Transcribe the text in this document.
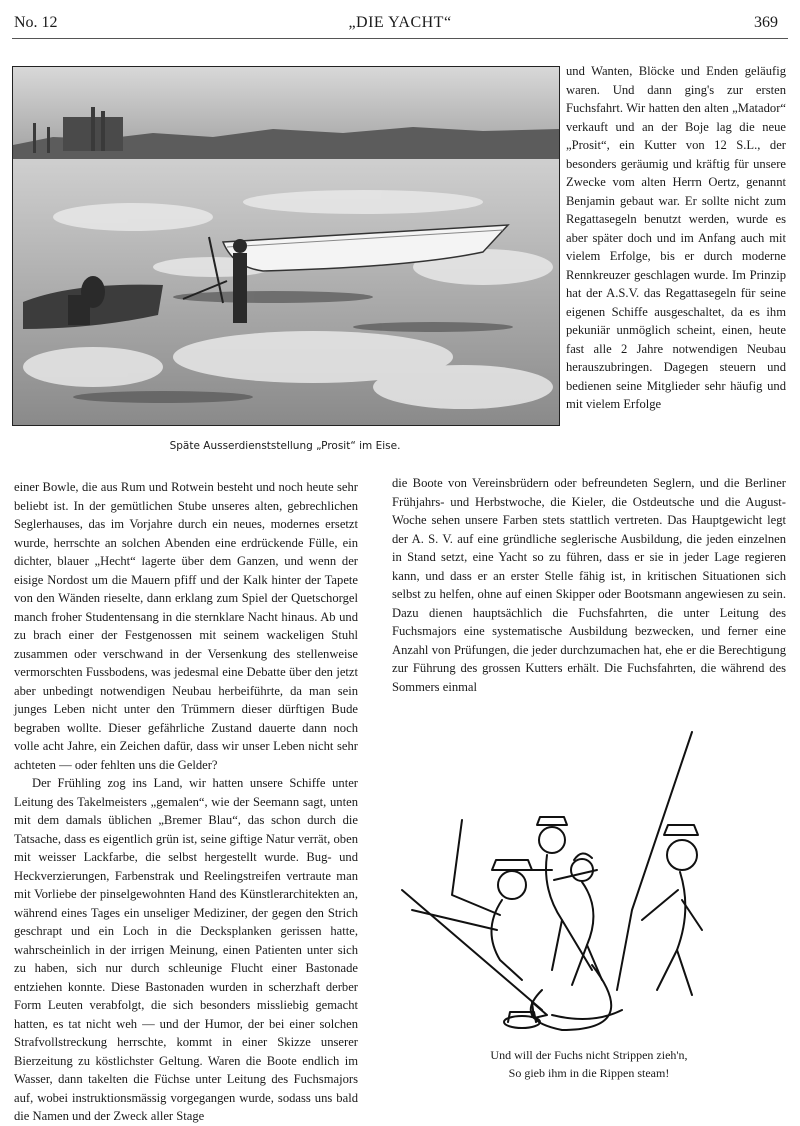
No. 12	„DIE YACHT“	369
Späte Ausserdienststellung „Prosit“ im Eise.
und Wanten, Blöcke und Enden geläufig waren. Und dann ging's zur ersten Fuchsfahrt. Wir hatten den alten „Matador“ verkauft und an der Boje lag die neue „Prosit“, ein Kutter von 12 S.L., der besonders geräumig und kräftig für unsere Zwecke vom alten Herrn Oertz, genannt Benjamin gebaut war. Er sollte nicht zum Regattasegeln benutzt werden, wurde es aber später doch und im Anfang auch mit vielem Erfolge, bis er durch moderne Rennkreuzer geschlagen wurde. Im Prinzip hat der A.S.V. das Regattasegeln für seine eigenen Schiffe ausgeschaltet, da es ihm pekuniär unmöglich scheint, einen, heute fast alle 2 Jahre notwendigen Neubau herauszubringen. Dagegen steuern und bedienen seine Mitglieder sehr häufig und mit vielem Erfolge
die Boote von Vereinsbrüdern oder befreundeten Seglern, und die Berliner Frühjahrs- und Herbstwoche, die Kieler, die Ostdeutsche und die August-Woche sehen unsere Farben stets stattlich vertreten. Das Hauptgewicht legt der A. S. V. auf eine gründliche seglerische Ausbildung, die jeden einzelnen in Stand setzt, eine Yacht so zu führen, dass er sie in jeder Lage regieren kann, und dass er an erster Stelle fähig ist, in kritischen Situationen sich selbst zu helfen, ohne auf einen Skipper oder Bootsmann angewiesen zu sein. Dazu dienen hauptsächlich die Fuchsfahrten, die unter Leitung des Fuchsmajors eine systematische Ausbildung bezwecken, und ferner eine Anzahl von Prüfungen, die jeder durchzumachen hat, ehe er die Berechtigung zur Führung des grossen Kutters erhält. Die Fuchsfahrten, die während des Sommers einmal

einer Bowle, die aus Rum und Rotwein besteht und noch heute sehr beliebt ist. In der gemütlichen Stube unseres alten, gebrechlichen Seglerhauses, das im Vorjahre durch ein neues, modernes ersetzt wurde, herrschte an solchen Abenden eine erdrückende Fülle, ein dichter, blauer „Hecht“ lagerte über dem Ganzen, und wenn der eisige Nordost um die Mauern pfiff und der Kalk hinter der Tapete von den Wänden rieselte, dann erklang zum Spiel der Quetschorgel manch froher Studentensang in die sternklare Nacht hinaus. Ab und zu brach einer der Festgenossen mit seinem wackeligen Stuhl zusammen oder verschwand in der Versenkung des stellenweise vermorschten Fussbodens, was jedesmal eine Debatte über den jetzt aber unbedingt notwendigen Neubau herbeiführte, da man sein junges Leben nicht unter den Trümmern dieser dürftigen Bude begraben wollte. Dieser gefährliche Zustand dauerte dann noch volle acht Jahre, ein Zeichen dafür, dass wir unser Leben nicht sehr achteten — oder fehlten uns die Gelder?

Der Frühling zog ins Land, wir hatten unsere Schiffe unter Leitung des Takelmeisters „gemalen“, wie der Seemann sagt, unten mit dem damals üblichen „Bremer Blau“, das schon durch die Tatsache, dass es eigentlich grün ist, seine giftige Natur verrät, oben mit weisser Lackfarbe, die selbst hergestellt wurde. Bug- und Heckverzierungen, Farbenstrak und Reelingstreifen vertraute man mit Vorliebe der pinselgewohnten Hand des Künstlerarchitekten an, während eines Tages ein unseliger Mediziner, der gegen den Strich geschrapt und ein Loch in die Decksplanken gerissen hatte, wahrscheinlich in der irrigen Meinung, einen Patienten unter sich zu haben, sich nur durch schleunige Flucht einer Bastonade entziehen konnte. Diese Bastonaden wurden in scherzhaft derber Form Leuten verabfolgt, die sich besonders missliebig gemacht hatten, es tat nicht weh — und der Humor, der bei einer solchen Strafvollstreckung herrschte, kommt in einer Skizze unserer Bierzeitung zu köstlichster Geltung. Waren die Boote endlich im Wasser, dann takelten die Füchse unter Leitung des Fuchsmajors auf, wobei instruktionsmässig vorgegangen wurde, sodass uns bald die Namen und der Zweck aller Stage

Und will der Fuchs nicht Strippen zieh'n,
So gieb ihm in die Rippen steam!
